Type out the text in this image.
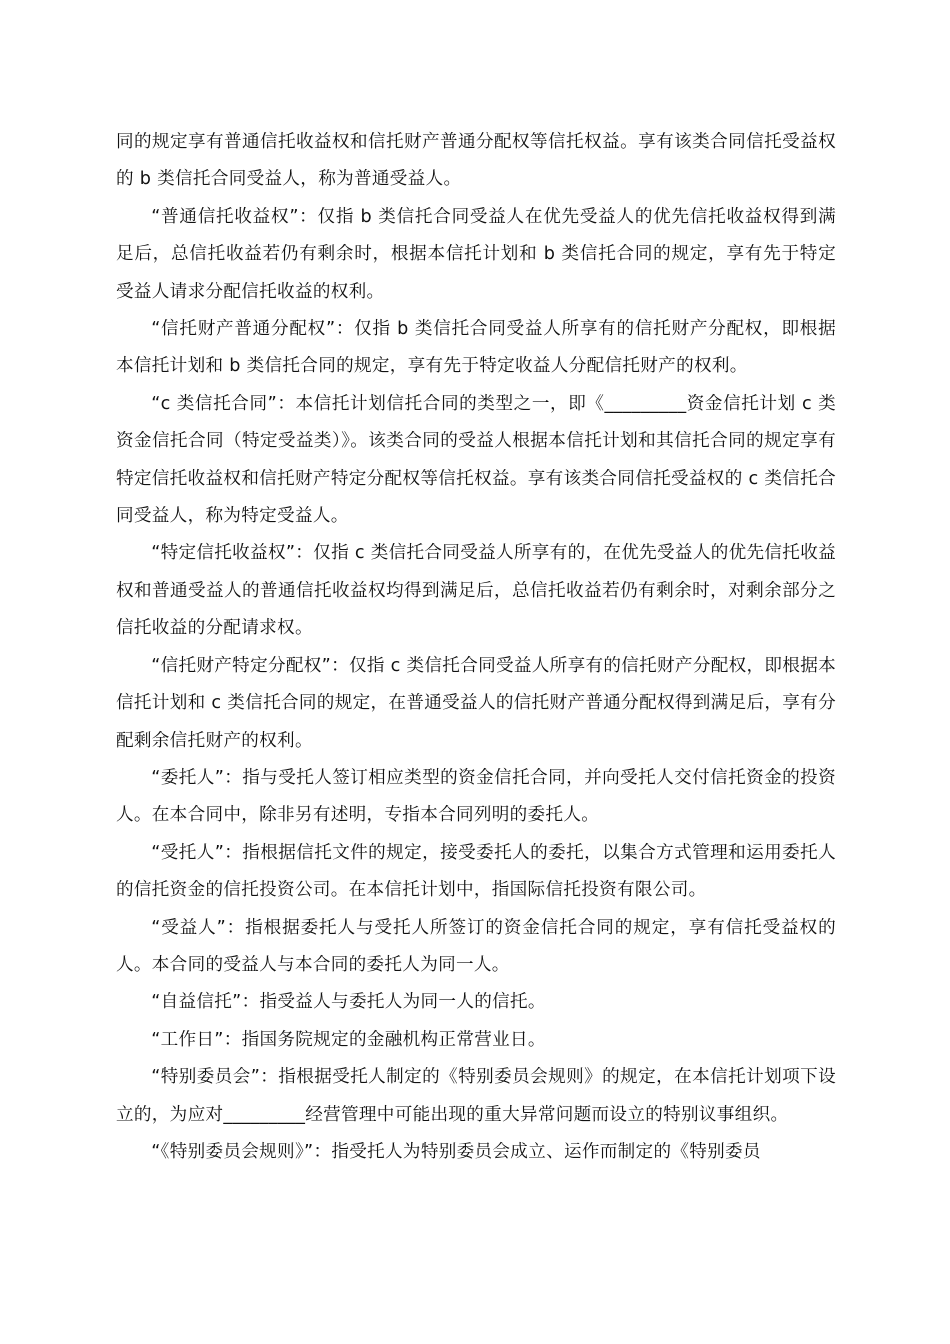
同的规定享有普通信托收益权和信托财产普通分配权等信托权益。享有该类合同信托受益权的 b 类信托合同受益人，称为普通受益人。

“普通信托收益权”：仅指 b 类信托合同受益人在优先受益人的优先信托收益权得到满足后，总信托收益若仍有剩余时，根据本信托计划和 b 类信托合同的规定，享有先于特定受益人请求分配信托收益的权利。

“信托财产普通分配权”：仅指 b 类信托合同受益人所享有的信托财产分配权，即根据本信托计划和 b 类信托合同的规定，享有先于特定收益人分配信托财产的权利。

“c 类信托合同”：本信托计划信托合同的类型之一，即《_________资金信托计划 c 类资金信托合同（特定受益类）》。该类合同的受益人根据本信托计划和其信托合同的规定享有特定信托收益权和信托财产特定分配权等信托权益。享有该类合同信托受益权的 c 类信托合同受益人，称为特定受益人。

“特定信托收益权”：仅指 c 类信托合同受益人所享有的，在优先受益人的优先信托收益权和普通受益人的普通信托收益权均得到满足后，总信托收益若仍有剩余时，对剩余部分之信托收益的分配请求权。

“信托财产特定分配权”：仅指 c 类信托合同受益人所享有的信托财产分配权，即根据本信托计划和 c 类信托合同的规定，在普通受益人的信托财产普通分配权得到满足后，享有分配剩余信托财产的权利。

“委托人”：指与受托人签订相应类型的资金信托合同，并向受托人交付信托资金的投资人。在本合同中，除非另有述明，专指本合同列明的委托人。

“受托人”：指根据信托文件的规定，接受委托人的委托，以集合方式管理和运用委托人的信托资金的信托投资公司。在本信托计划中，指国际信托投资有限公司。

“受益人”：指根据委托人与受托人所签订的资金信托合同的规定，享有信托受益权的人。本合同的受益人与本合同的委托人为同一人。

“自益信托”：指受益人与委托人为同一人的信托。

“工作日”：指国务院规定的金融机构正常营业日。

“特别委员会”：指根据受托人制定的《特别委员会规则》的规定，在本信托计划项下设立的，为应对_________经营管理中可能出现的重大异常问题而设立的特别议事组织。

“《特别委员会规则》”：指受托人为特别委员会成立、运作而制定的《特别委员
